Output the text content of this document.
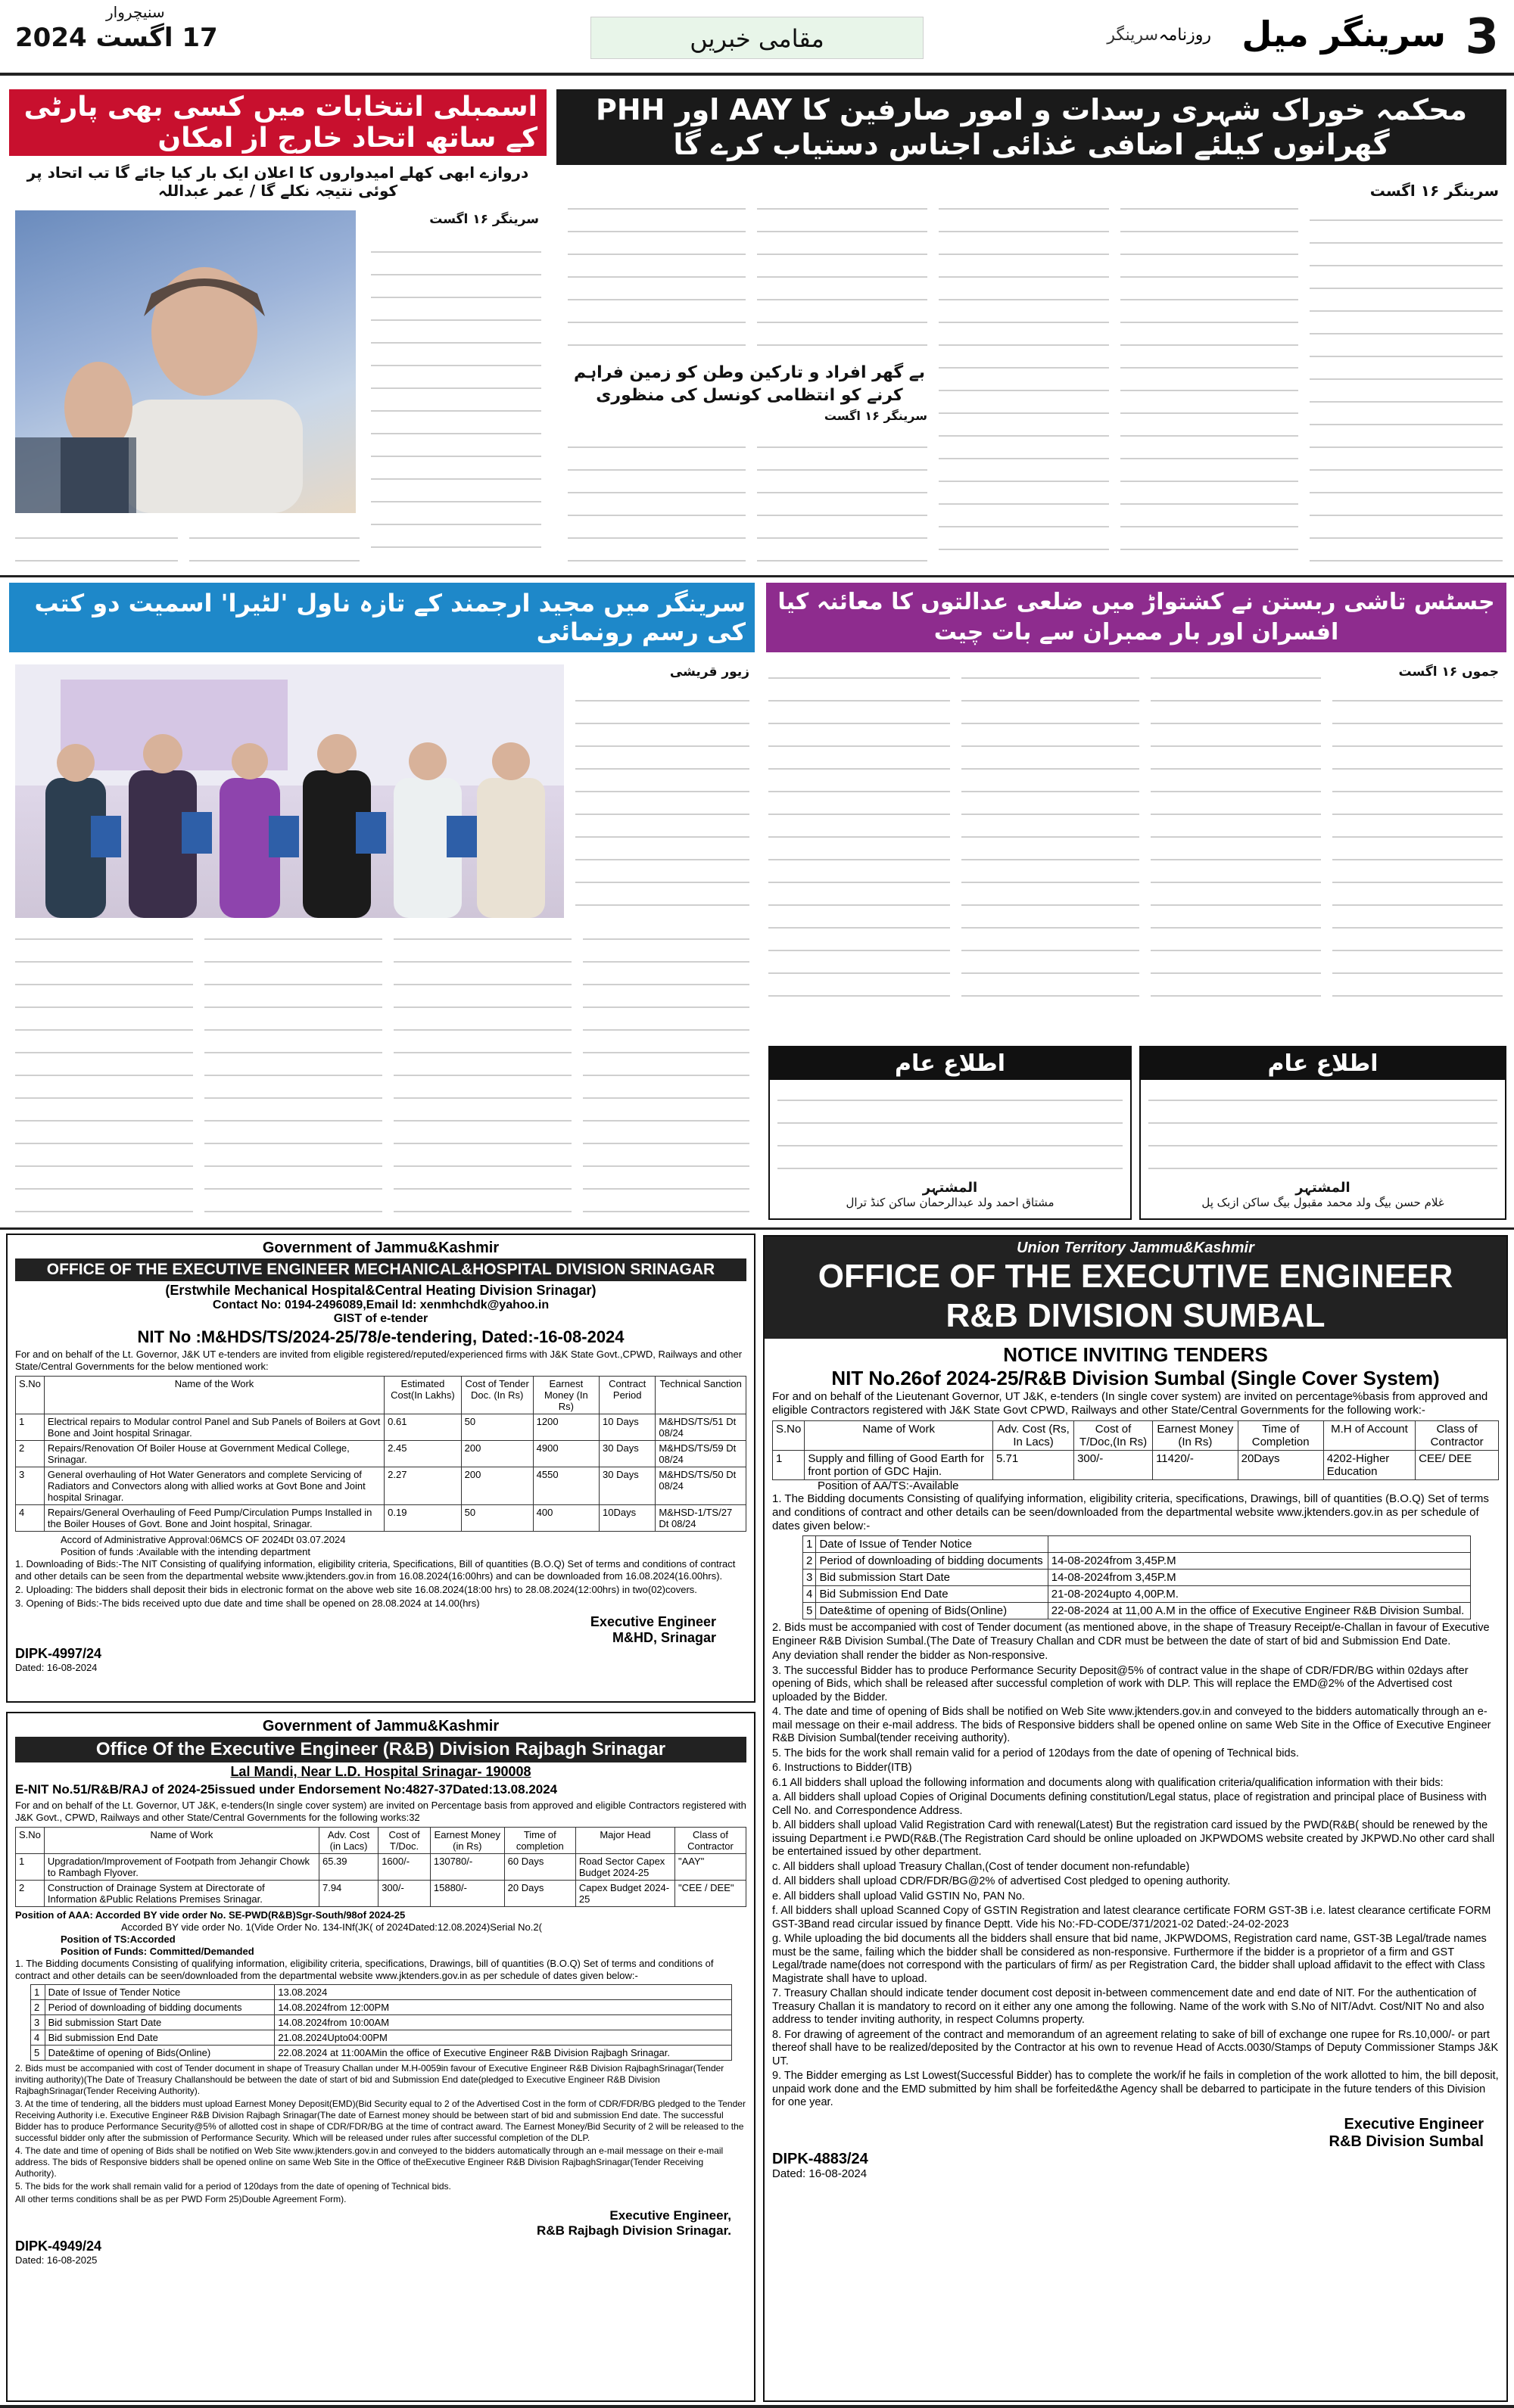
3
سرینگر میل
روزنامہ
سرینگر
مقامی خبریں
17 اگست 2024
سنیچروار
محکمہ خوراک شہری رسدات و امور صارفین کا AAY اور PHH گھرانوں کیلئے اضافی غذائی اجناس دستیاب کرے گا
سرینگر ۱۶ اگست
بے گھر افراد و تارکین وطن کو زمین فراہم کرنے کو انتظامی کونسل کی منظوری
سرینگر ۱۶ اگست
اسمبلی انتخابات میں کسی بھی پارٹی کے ساتھ اتحاد خارج از امکان
دروازے ابھی کھلے امیدواروں کا اعلان ایک بار کیا جائے گا تب اتحاد پر کوئی نتیجہ نکلے گا / عمر عبداللہ
سرینگر ۱۶ اگست
جسٹس تاشی ربستن نے کشتواڑ میں ضلعی عدالتوں کا معائنہ کیا افسران اور بار ممبران سے بات چیت
جموں ۱۶ اگست
اطلاع عام
المشتہر
غلام حسن بیگ ولد محمد مقبول بیگ ساکن ازبک پل
اطلاع عام
المشتہر
مشتاق احمد ولد عبدالرحمان ساکن کنڈ ترال
سرینگر میں مجید ارجمند کے تازہ ناول 'لٹیرا' اسمیت دو کتب کی رسم رونمائی
زیور قریشی
Government of Jammu&Kashmir
OFFICE OF THE EXECUTIVE ENGINEER MECHANICAL&HOSPITAL DIVISION SRINAGAR
(Erstwhile Mechanical Hospital&Central Heating Division Srinagar)
Contact No: 0194-2496089,Email Id: xenmhchdk@yahoo.in
GIST of e-tender
NIT No :M&HDS/TS/2024-25/78/e-tendering, Dated:-16-08-2024
For and on behalf of the Lt. Governor, J&K UT e-tenders are invited from eligible registered/reputed/experienced firms with J&K State Govt.,CPWD, Railways and other State/Central Governments for the below mentioned work:
S.No	Name of the Work	Estimated Cost(In Lakhs)	Cost of Tender Doc. (In Rs)	Earnest Money (In Rs)	Contract Period	Technical Sanction
1	Electrical repairs to Modular control Panel and Sub Panels of Boilers at Govt Bone and Joint hospital Srinagar.	0.61	50	1200	10 Days	M&HDS/TS/51 Dt 08/24
2	Repairs/Renovation Of Boiler House at Government Medical College, Srinagar.	2.45	200	4900	30 Days	M&HDS/TS/59 Dt 08/24
3	General overhauling of Hot Water Generators and complete Servicing of Radiators and Convectors along with allied works at Govt Bone and Joint hospital Srinagar.	2.27	200	4550	30 Days	M&HDS/TS/50 Dt 08/24
4	Repairs/General Overhauling of Feed Pump/Circulation Pumps Installed in the Boiler Houses of Govt. Bone and Joint hospital, Srinagar.	0.19	50	400	10Days	M&HSD-1/TS/27 Dt 08/24
Accord of Administrative Approval:06MCS OF 2024Dt 03.07.2024
Position of funds :Available with the intending department

1. Downloading of Bids:-The NIT Consisting of qualifying information, eligibility criteria, Specifications, Bill of quantities (B.O.Q) Set of terms and conditions of contract and other details can be seen from the departmental website www.jktenders.gov.in from 16.08.2024(16:00hrs) and can be downloaded from 16.08.2024(16.00hrs).

2. Uploading: The bidders shall deposit their bids in electronic format on the above web site 16.08.2024(18:00 hrs) to 28.08.2024(12:00hrs) in two(02)covers.

3. Opening of Bids:-The bids received upto due date and time shall be opened on 28.08.2024 at 14.00(hrs)

Executive Engineer
M&HD, Srinagar
DIPK-4997/24
Dated: 16-08-2024
Government of Jammu&Kashmir
Office Of the Executive Engineer (R&B) Division Rajbagh Srinagar
Lal Mandi, Near L.D. Hospital Srinagar- 190008
E-NIT No.51/R&B/RAJ of 2024-25issued under Endorsement No:4827-37Dated:13.08.2024
For and on behalf of the Lt. Governor, UT J&K, e-tenders(In single cover system) are invited on Percentage basis from approved and eligible Contractors registered with J&K Govt., CPWD, Railways and other State/Central Governments for the following works:32
S.No	Name of Work	Adv. Cost (in Lacs)	Cost of T/Doc.	Earnest Money (in Rs)	Time of completion	Major Head	Class of Contractor
1	Upgradation/Improvement of Footpath from Jehangir Chowk to Rambagh Flyover.	65.39	1600/-	130780/-	60 Days	Road Sector Capex Budget 2024-25	"AAY"
2	Construction of Drainage System at Directorate of Information &Public Relations Premises Srinagar.	7.94	300/-	15880/-	20 Days	Capex Budget 2024-25	"CEE / DEE"
Position of AAA: Accorded BY vide order No. SE-PWD(R&B)Sgr-South/98of 2024-25
Accorded BY vide order No. 1(Vide Order No. 134-INf(JK( of 2024Dated:12.08.2024)Serial No.2(
Position of TS:Accorded
Position of Funds: Committed/Demanded
1. The Bidding documents Consisting of qualifying information, eligibility criteria, specifications, Drawings, bill of quantities (B.O.Q) Set of terms and conditions of contract and other details can be seen/downloaded from the departmental website www.jktenders.gov.in as per schedule of dates given below:-
1	Date of Issue of Tender Notice	13.08.2024
2	Period of downloading of bidding documents	14.08.2024from 12:00PM
3	Bid submission Start Date	14.08.2024from 10:00AM
4	Bid submission End Date	21.08.2024Upto04:00PM
5	Date&time of opening of Bids(Online)	22.08.2024 at 11:00AMin the office of Executive Engineer R&B Division Rajbagh Srinagar.

2. Bids must be accompanied with cost of Tender document in shape of Treasury Challan under M.H-0059in favour of Executive Engineer R&B Division RajbaghSrinagar(Tender inviting authority)(The Date of Treasury Challanshould be between the date of start of bid and Submission End date(pledged to Executive Engineer R&B Division RajbaghSrinagar(Tender Receiving Authority).

3. At the time of tendering, all the bidders must upload Earnest Money Deposit(EMD)(Bid Security equal to 2 of the Advertised Cost in the form of CDR/FDR/BG pledged to the Tender Receiving Authority i.e. Executive Engineer R&B Division Rajbagh Srinagar(The date of Earnest money should be between start of bid and submission End date. The successful Bidder has to produce Performance Security@5% of allotted cost in shape of CDR/FDR/BG at the time of contract award. The Earnest Money/Bid Security of 2 will be released to the successful bidder only after the submission of Performance Security. Which will be released under rules after successful completion of the DLP.

4. The date and time of opening of Bids shall be notified on Web Site www.jktenders.gov.in and conveyed to the bidders automatically through an e-mail message on their e-mail address. The bids of Responsive bidders shall be opened online on same Web Site in the Office of theExecutive Engineer R&B Division RajbaghSrinagar(Tender Receiving Authority).

5. The bids for the work shall remain valid for a period of 120days from the date of opening of Technical bids.

All other terms conditions shall be as per PWD Form 25)Double Agreement Form).

Executive Engineer,
R&B Rajbagh Division Srinagar.
DIPK-4949/24
Dated: 16-08-2025
Union Territory Jammu&Kashmir
OFFICE OF THE EXECUTIVE ENGINEER
R&B DIVISION SUMBAL
NOTICE INVITING TENDERS
NIT No.26of 2024-25/R&B Division Sumbal (Single Cover System)
For and on behalf of the Lieutenant Governor, UT J&K, e-tenders (In single cover system) are invited on percentage%basis from approved and eligible Contractors registered with J&K State Govt CPWD, Railways and other State/Central Governments for the following work:-
S.No	Name of Work	Adv. Cost (Rs, In Lacs)	Cost of T/Doc,(In Rs)	Earnest Money (In Rs)	Time of Completion	M.H of Account	Class of Contractor
1	Supply and filling of Good Earth for front portion of GDC Hajin.	5.71	300/-	11420/-	20Days	4202-Higher Education	CEE/ DEE
Position of AA/TS:-Available
1. The Bidding documents Consisting of qualifying information, eligibility criteria, specifications, Drawings, bill of quantities (B.O.Q) Set of terms and conditions of contract and other details can be seen/downloaded from the departmental website www.jktenders.gov.in as per schedule of dates given below:-
1	Date of Issue of Tender Notice	
2	Period of downloading of bidding documents	14-08-2024from 3,45P.M
3	Bid submission Start Date	14-08-2024from 3,45P.M
4	Bid Submission End Date	21-08-2024upto 4,00P.M.
5	Date&time of opening of Bids(Online)	22-08-2024 at 11,00 A.M in the office of Executive Engineer R&B Division Sumbal.

2. Bids must be accompanied with cost of Tender document (as mentioned above, in the shape of Treasury Receipt/e-Challan in favour of Executive Engineer R&B Division Sumbal.(The Date of Treasury Challan and CDR must be between the date of start of bid and Submission End Date.

Any deviation shall render the bidder as Non-responsive.

3. The successful Bidder has to produce Performance Security Deposit@5% of contract value in the shape of CDR/FDR/BG within 02days after opening of Bids, which shall be released after successful completion of work with DLP. This will replace the EMD@2% of the Advertised cost uploaded by the Bidder.

4. The date and time of opening of Bids shall be notified on Web Site www.jktenders.gov.in and conveyed to the bidders automatically through an e-mail message on their e-mail address. The bids of Responsive bidders shall be opened online on same Web Site in the Office of Executive Engineer R&B Division Sumbal(tender receiving authority).

5. The bids for the work shall remain valid for a period of 120days from the date of opening of Technical bids.

6. Instructions to Bidder(ITB)

6.1 All bidders shall upload the following information and documents along with qualification criteria/qualification information with their bids:

a. All bidders shall upload Copies of Original Documents defining constitution/Legal status, place of registration and principal place of Business with Cell No. and Correspondence Address.

b. All bidders shall upload Valid Registration Card with renewal(Latest) But the registration card issued by the PWD(R&B( should be renewed by the issuing Department i.e PWD(R&B.(The Registration Card should be online uploaded on JKPWDOMS website created by JKPWD.No other card shall be entertained issued by other department.

c. All bidders shall upload Treasury Challan,(Cost of tender document non-refundable)

d. All bidders shall upload CDR/FDR/BG@2% of advertised Cost pledged to opening authority.

e. All bidders shall upload Valid GSTIN No, PAN No.

f. All bidders shall upload Scanned Copy of GSTIN Registration and latest clearance certificate FORM GST-3B i.e. latest clearance certificate FORM GST-3Band read circular issued by finance Deptt. Vide his No:-FD-CODE/371/2021-02 Dated:-24-02-2023

g. While uploading the bid documents all the bidders shall ensure that bid name, JKPWDOMS, Registration card name, GST-3B Legal/trade names must be the same, failing which the bidder shall be considered as non-responsive. Furthermore if the bidder is a proprietor of a firm and GST Legal/trade name(does not correspond with the particulars of firm/ as per Registration Card, the bidder shall upload affidavit to the effect with Class Magistrate shall have to upload.

7. Treasury Challan should indicate tender document cost deposit in-between commencement date and end date of NIT. For the authentication of Treasury Challan it is mandatory to record on it either any one among the following. Name of the work with S.No of NIT/Advt. Cost/NIT No and also address to tender inviting authority, in respect Columns property.

8. For drawing of agreement of the contract and memorandum of an agreement relating to sake of bill of exchange one rupee for Rs.10,000/- or part thereof shall have to be realized/deposited by the Contractor at his own to revenue Head of Accts.0030/Stamps of Deputy Commissioner Stamps J&K UT.

9. The Bidder emerging as Lst Lowest(Successful Bidder) has to complete the work/if he fails in completion of the work allotted to him, the bill deposit, unpaid work done and the EMD submitted by him shall be forfeited&the Agency shall be debarred to participate in the future tenders of this Division for one year.

Executive Engineer
R&B Division Sumbal
DIPK-4883/24
Dated: 16-08-2024
